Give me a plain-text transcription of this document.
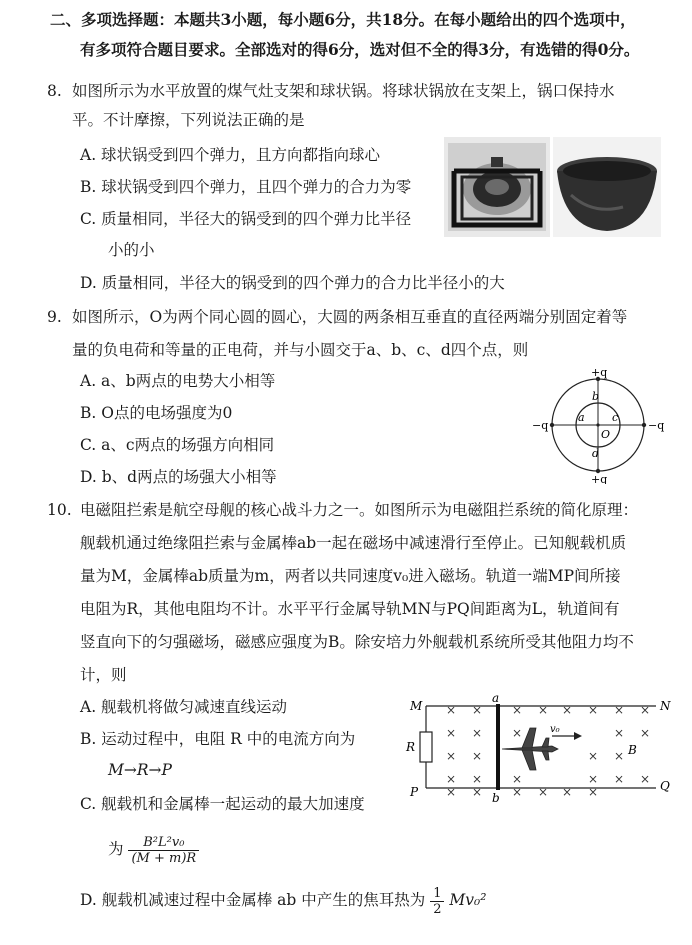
二、多项选择题：本题共3小题，每小题6分，共18分。在每小题给出的四个选项中，
有多项符合题目要求。全部选对的得6分，选对但不全的得3分，有选错的得0分。
8. 如图所示为水平放置的煤气灶支架和球状锅。将球状锅放在支架上，锅口保持水
平。不计摩擦，下列说法正确的是
A. 球状锅受到四个弹力，且方向都指向球心
B. 球状锅受到四个弹力，且四个弹力的合力为零
C. 质量相同，半径大的锅受到的四个弹力比半径
小的小
D. 质量相同，半径大的锅受到的四个弹力的合力比半径小的大
9. 如图所示，O为两个同心圆的圆心，大圆的两条相互垂直的直径两端分别固定着等
量的负电荷和等量的正电荷，并与小圆交于a、b、c、d四个点，则
A. a、b两点的电势大小相等
B. O点的电场强度为0
C. a、c两点的场强方向相同
D. b、d两点的场强大小相等
+q
+q
−q	−q
a
b
c
d
O
10. 电磁阻拦索是航空母舰的核心战斗力之一。如图所示为电磁阻拦系统的简化原理：
舰载机通过绝缘阻拦索与金属棒ab一起在磁场中减速滑行至停止。已知舰载机质
量为M，金属棒ab质量为m，两者以共同速度v₀进入磁场。轨道一端MP间所接
电阻为R，其他电阻均不计。水平平行金属导轨MN与PQ间距离为L，轨道间有
竖直向下的匀强磁场，磁感应强度为B。除安培力外舰载机系统所受其他阻力均不
计，则
A. 舰载机将做匀减速直线运动
B. 运动过程中，电阻 R 中的电流方向为
M→R→P
C. 舰载机和金属棒一起运动的最大加速度
为 $\frac{\text{B²L²v₀}}{(M + m)R}$
D. 舰载机减速过程中金属棒 ab 中产生的焦耳热为 $\frac{1}{2} Mv_0^2$
× × × × × × × ×
× × ×	× ×
× ×	× ×
× × ×	× × ×
× × × × × ×
M	N
P	Q
R
a
b
B
v₀
